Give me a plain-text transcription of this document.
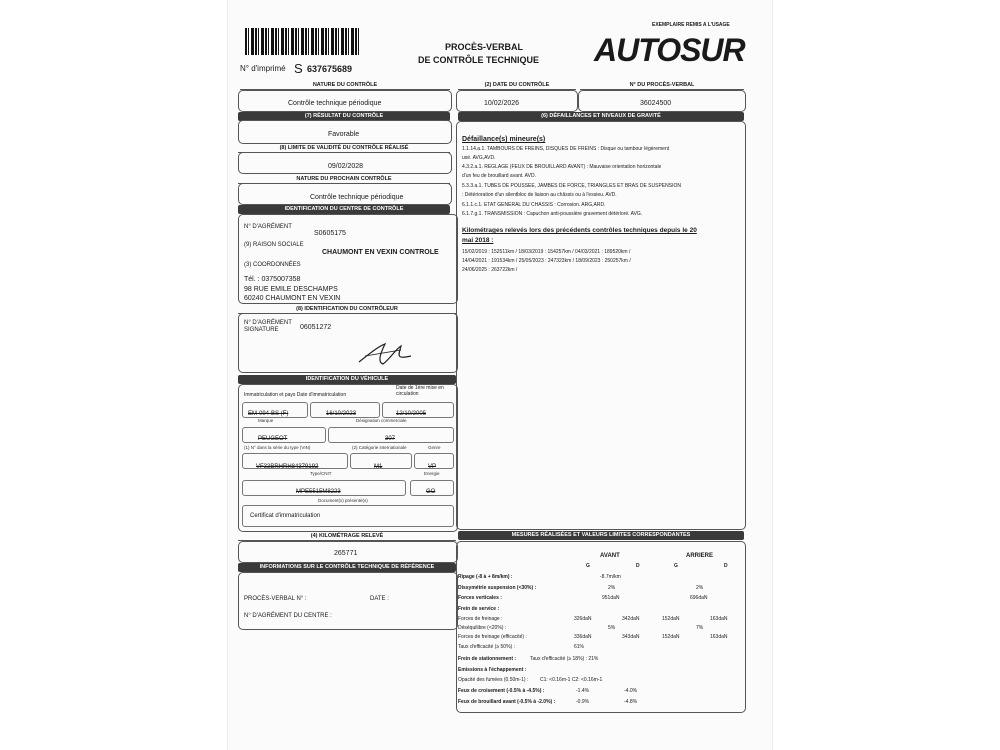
EXEMPLAIRE REMIS A L'USAGE
N° d'imprimé S 637675689
PROCÈS-VERBAL
DE CONTRÔLE TECHNIQUE AUTOSUR
NATURE DU CONTRÔLE
Contrôle technique périodique
(2) DATE DU CONTRÔLE
10/02/2026
N° DU PROCÈS-VERBAL
36024500
(7) RÉSULTAT DU CONTRÔLE
Favorable
(8) LIMITE DE VALIDITÉ DU CONTRÔLE RÉALISÉ
09/02/2028
NATURE DU PROCHAIN CONTRÔLE
Contrôle technique périodique
IDENTIFICATION DU CENTRE DE CONTRÔLE
N° D'AGRÉMENT
S0605175
(9) RAISON SOCIALE
CHAUMONT EN VEXIN CONTROLE
(3) COORDONNÉES
Tél. : 0375007358
98 RUE EMILE DESCHAMPS
60240 CHAUMONT EN VEXIN
(8) IDENTIFICATION DU CONTRÔLEUR
N° D'AGRÉMENT
SIGNATURE	06051272
IDENTIFICATION DU VÉHICULE
Immatriculation et pays Date d'immatriculation
Date de 1ère mise en circulation
EM-094-BS (F)	16/10/2023	12/10/2005
Marque	Désignation commerciale
PEUGEOT	307
(1) N° dans la série du type (VIN)	(2) Catégorie internationale	Genre
VF33BRHRH84379192	M1	VP
Type/CNIT	Energie
MPE5515M8223	GO
Document(s) présenté(s)
Certificat d'immatriculation
(4) KILOMÉTRAGE RELEVÉ
265771
INFORMATIONS SUR LE CONTRÔLE TECHNIQUE DE RÉFÉRENCE
PROCÈS-VERBAL N° :	DATE :
N° D'AGRÉMENT DU CENTRE :
(6) DÉFAILLANCES ET NIVEAUX DE GRAVITÉ
Défaillance(s) mineure(s)
1.1.14.a.1. TAMBOURS DE FREINS, DISQUES DE FREINS : Disque ou tambour légèrement
usé. AVG,AVD.
4.3.2.a.1. REGLAGE (FEUX DE BROUILLARD AVANT) : Mauvaise orientation horizontale
d'un feu de brouillard avant. AVD.
5.3.3.a.1. TUBES DE POUSSEE, JAMBES DE FORCE, TRIANGLES ET BRAS DE SUSPENSION
: Détérioration d'un silentbloc de liaison au châssis ou à l'essieu. AVD.
6.1.1.c.1. ETAT GENERAL DU CHASSIS : Corrosion. ARG,ARD.
6.1.7.g.1. TRANSMISSION : Capuchon anti-poussière gravement détérioré. AVG.
Kilométrages relevés lors des précédents contrôles techniques depuis le 20
mai 2018 :
15/02/2019 : 152511km / 18/03/2019 : 154257km / 04/03/2021 : 189520km /
14/04/2021 : 191534km / 25/05/2023 : 247323km / 18/09/2023 : 250257km /
24/06/2025 : 263722km /
MESURES RÉALISÉES ET VALEURS LIMITES CORRESPONDANTES
AVANT	ARRIERE
G	D	G	D
Ripage (-8 à + 8m/km) :	-8.7m/km
Dissymétrie suspension (<30%) :	2%	2%
Forces verticales :	951daN	696daN
Frein de service :
Forces de freinage :	326daN	342daN	152daN	163daN
Déséquilibre (<20%) :	5%	7%
Forces de freinage (efficacité) :	336daN	343daN	152daN	163daN
Taux d'efficacité (≥ 50%) :	61%
Frein de stationnement :	Taux d'efficacité (≥ 18%) : 21%
Emissions à l'échappement :
Opacité des fumées (0.50m-1) : C1: <0.16m-1 C2: <0.16m-1
Feux de croisement (-0.5% à -4.5%) :	-1.4%	-4.0%
Feux de brouillard avant (-0.5% à -2.0%) :	-0.9%	-4.8%
